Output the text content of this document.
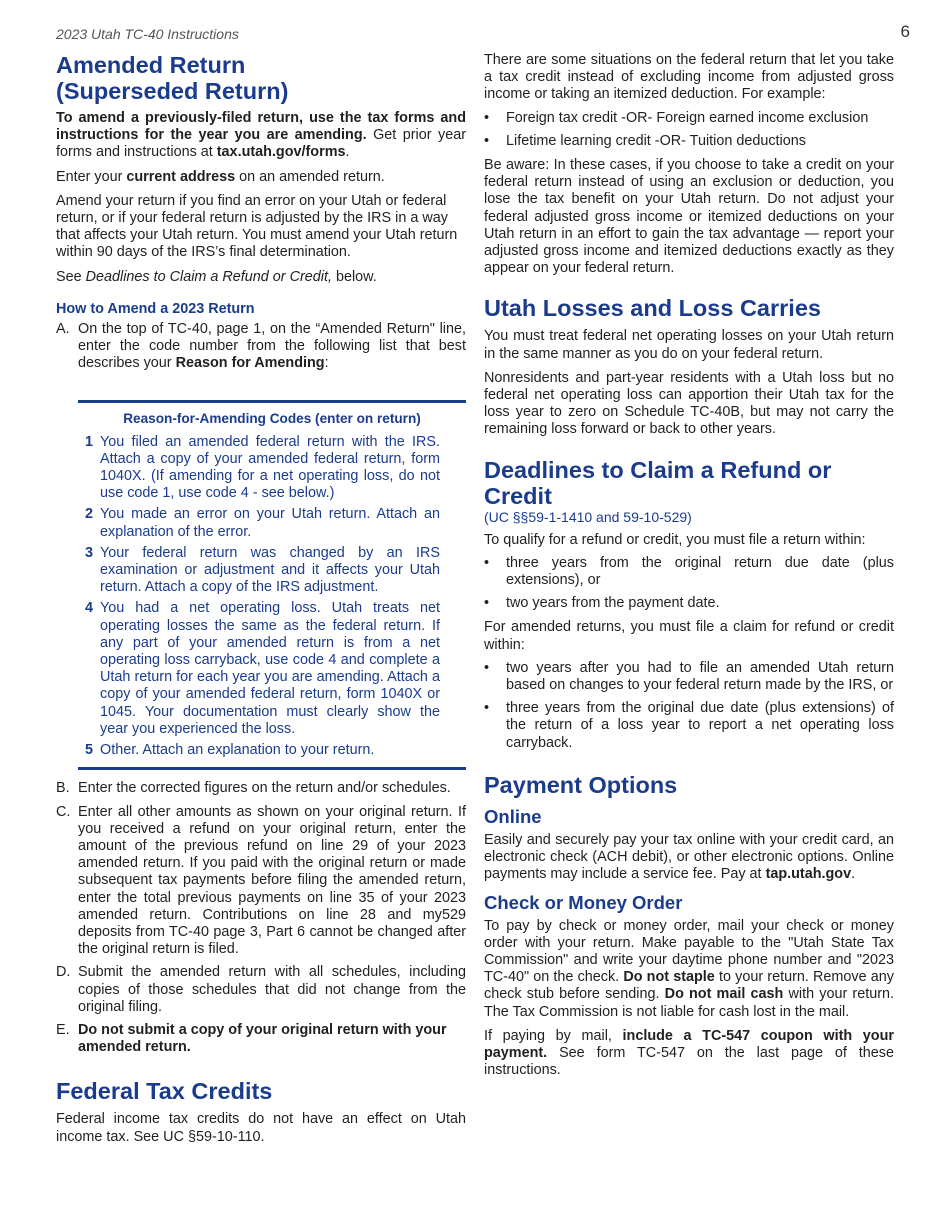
2023 Utah TC-40 Instructions	6
Amended Return
(Superseded Return)

To amend a previously-filed return, use the tax forms and instructions for the year you are amending. Get prior year forms and instructions at tax.utah.gov/forms.

Enter your current address on an amended return.

Amend your return if you find an error on your Utah or federal return, or if your federal return is adjusted by the IRS in a way that affects your Utah return. You must amend your Utah return within 90 days of the IRS’s final determination.

See Deadlines to Claim a Refund or Credit, below.

How to Amend a 2023 Return
A. On the top of TC-40, page 1, on the “Amended Return" line, enter the code number from the following list that best describes your Reason for Amending:
Reason-for-Amending Codes (enter on return)
1 You filed an amended federal return with the IRS. Attach a copy of your amended federal return, form 1040X. (If amending for a net operating loss, do not use code 1, use code 4 - see below.)
2 You made an error on your Utah return. Attach an explanation of the error.
3 Your federal return was changed by an IRS examination or adjustment and it affects your Utah return. Attach a copy of the IRS adjustment.
4 You had a net operating loss. Utah treats net operating losses the same as the federal return. If any part of your amended return is from a net operating loss carryback, use code 4 and complete a Utah return for each year you are amending. Attach a copy of your amended federal return, form 1040X or 1045. Your documentation must clearly show the year you experienced the loss.
5 Other. Attach an explanation to your return.
B. Enter the corrected figures on the return and/or schedules.
C. Enter all other amounts as shown on your original return. If you received a refund on your original return, enter the amount of the previous refund on line 29 of your 2023 amended return. If you paid with the original return or made subsequent tax payments before filing the amended return, enter the total previous payments on line 35 of your 2023 amended return. Contributions on line 28 and my529 deposits from TC-40 page 3, Part 6 cannot be changed after the original return is filed.
D. Submit the amended return with all schedules, including copies of those schedules that did not change from the original filing.
E. Do not submit a copy of your original return with your amended return.
Federal Tax Credits

Federal income tax credits do not have an effect on Utah income tax. See UC §59-10-110.

There are some situations on the federal return that let you take a tax credit instead of excluding income from adjusted gross income or taking an itemized deduction. For example:

• Foreign tax credit -OR- Foreign earned income exclusion
• Lifetime learning credit -OR- Tuition deductions

Be aware: In these cases, if you choose to take a credit on your federal return instead of using an exclusion or deduction, you lose the tax benefit on your Utah return. Do not adjust your federal adjusted gross income or itemized deductions on your Utah return in an effort to gain the tax advantage — report your adjusted gross income and itemized deductions exactly as they appear on your federal return.

Utah Losses and Loss Carries

You must treat federal net operating losses on your Utah return in the same manner as you do on your federal return.

Nonresidents and part-year residents with a Utah loss but no federal net operating loss can apportion their Utah tax for the loss year to zero on Schedule TC-40B, but may not carry the remaining loss forward or back to other years.

Deadlines to Claim a Refund or Credit
(UC §§59-1-1410 and 59-10-529)

To qualify for a refund or credit, you must file a return within:

• three years from the original return due date (plus extensions), or
• two years from the payment date.

For amended returns, you must file a claim for refund or credit within:

• two years after you had to file an amended Utah return based on changes to your federal return made by the IRS, or
• three years from the original due date (plus extensions) of the return of a loss year to report a net operating loss carryback.
Payment Options
Online

Easily and securely pay your tax online with your credit card, an electronic check (ACH debit), or other electronic options. Online payments may include a service fee. Pay at tap.utah.gov.

Check or Money Order

To pay by check or money order, mail your check or money order with your return. Make payable to the "Utah State Tax Commission" and write your daytime phone number and "2023 TC-40" on the check. Do not staple to your return. Remove any check stub before sending. Do not mail cash with your return. The Tax Commission is not liable for cash lost in the mail.

If paying by mail, include a TC-547 coupon with your payment. See form TC-547 on the last page of these instructions.
